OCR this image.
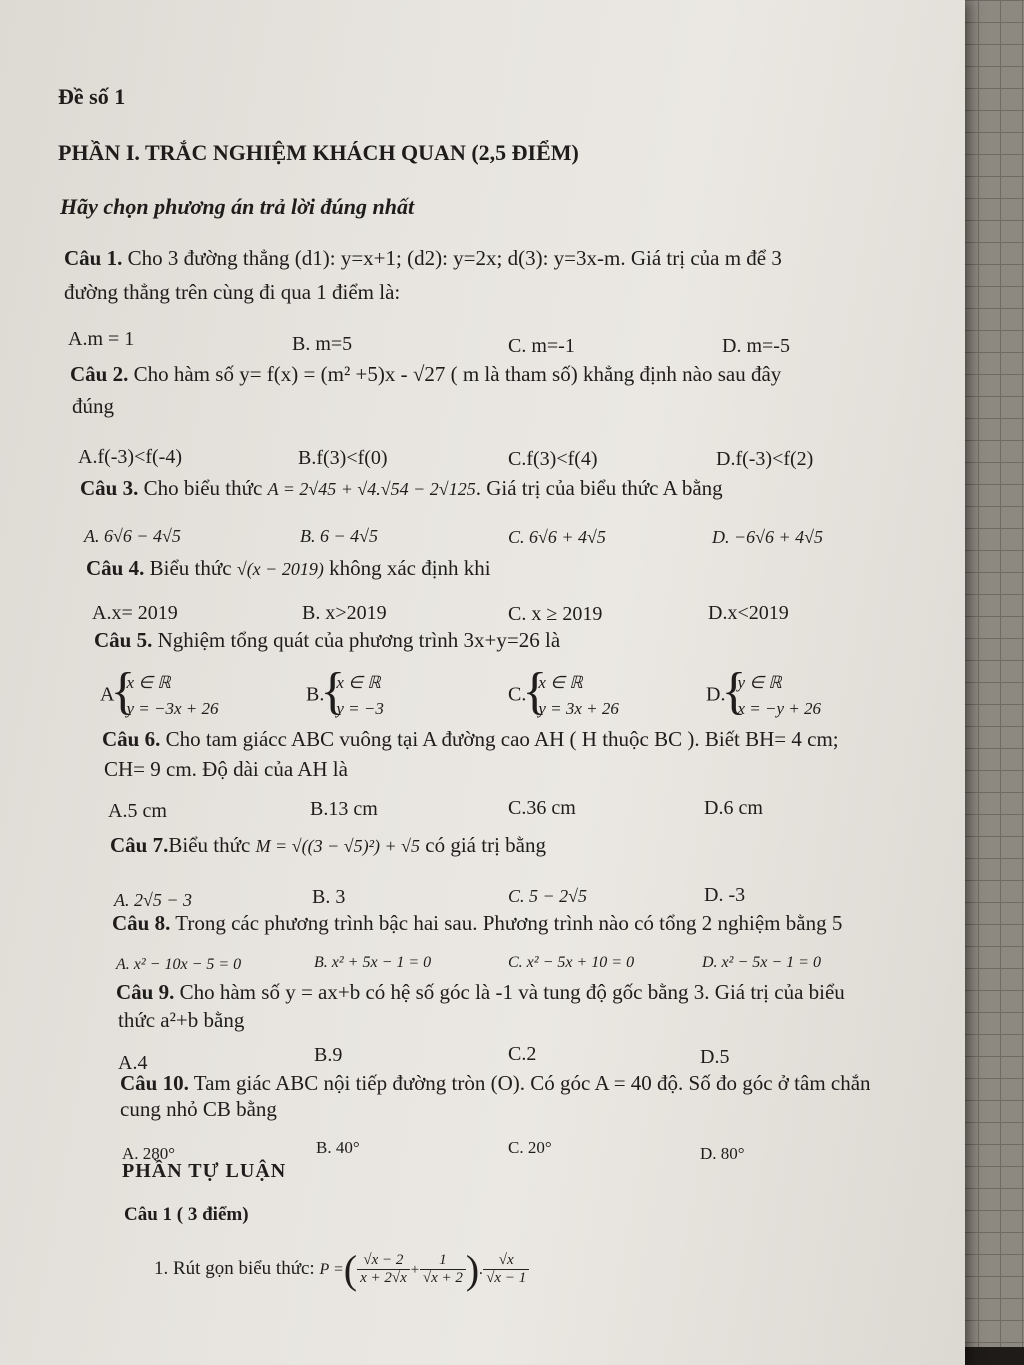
Đề số 1
PHẦN I. TRẮC NGHIỆM KHÁCH QUAN (2,5 ĐIỂM)
Hãy chọn phương án trả lời đúng nhất
Câu 1. Cho 3 đường thẳng (d1): y=x+1; (d2): y=2x; d(3): y=3x-m. Giá trị của m để 3
đường thẳng trên cùng đi qua 1 điểm là:
A.m = 1	B. m=5	C. m=-1	D. m=-5
Câu 2. Cho hàm số y= f(x) = (m² +5)x - √27 ( m là tham số) khẳng định nào sau đây
đúng
A.f(-3)<f(-4)	B.f(3)<f(0)	C.f(3)<f(4)	D.f(-3)<f(2)
Câu 3. Cho biểu thức A = 2√45 + √4.√54 − 2√125. Giá trị của biểu thức A bằng
A. 6√6 − 4√5	B. 6 − 4√5	C. 6√6 + 4√5	D. −6√6 + 4√5
Câu 4. Biểu thức √(x − 2019) không xác định khi
A.x= 2019	B. x>2019	C. x ≥ 2019	D.x<2019
Câu 5. Nghiệm tổng quát của phương trình 3x+y=26 là
A
{ x ∈ ℝ
y = −3x + 26
B.
{ x ∈ ℝ
y = −3
C.
{ x ∈ ℝ
y = 3x + 26
D.
{ y ∈ ℝ
x = −y + 26
Câu 6. Cho tam giácc ABC vuông tại A đường cao AH ( H thuộc BC ). Biết BH= 4 cm;
CH= 9 cm. Độ dài của AH là
A.5 cm	B.13 cm	C.36 cm	D.6 cm
Câu 7.Biểu thức M = √((3 − √5)²) + √5 có giá trị bằng
A. 2√5 − 3	B. 3	C. 5 − 2√5	D. -3
Câu 8. Trong các phương trình bậc hai sau. Phương trình nào có tổng 2 nghiệm bằng 5
A. x² − 10x − 5 = 0	B. x² + 5x − 1 = 0	C. x² − 5x + 10 = 0	D. x² − 5x − 1 = 0
Câu 9. Cho hàm số y = ax+b có hệ số góc là -1 và tung độ gốc bằng 3. Giá trị của biểu
thức a²+b bằng
A.4	B.9	C.2	D.5
Câu 10. Tam giác ABC nội tiếp đường tròn (O). Có góc A = 40 độ. Số đo góc ở tâm chắn
cung nhỏ CB bằng
A. 280°	B. 40°	C. 20°	D. 80°
PHẦN TỰ LUẬN
Câu 1 ( 3 điểm)
1. Rút gọn biểu thức: P =( $\frac{√x - 2}{x + 2√x} + \frac{1}{√x + 2}$ ). $\frac{√x}{√x - 1}$
